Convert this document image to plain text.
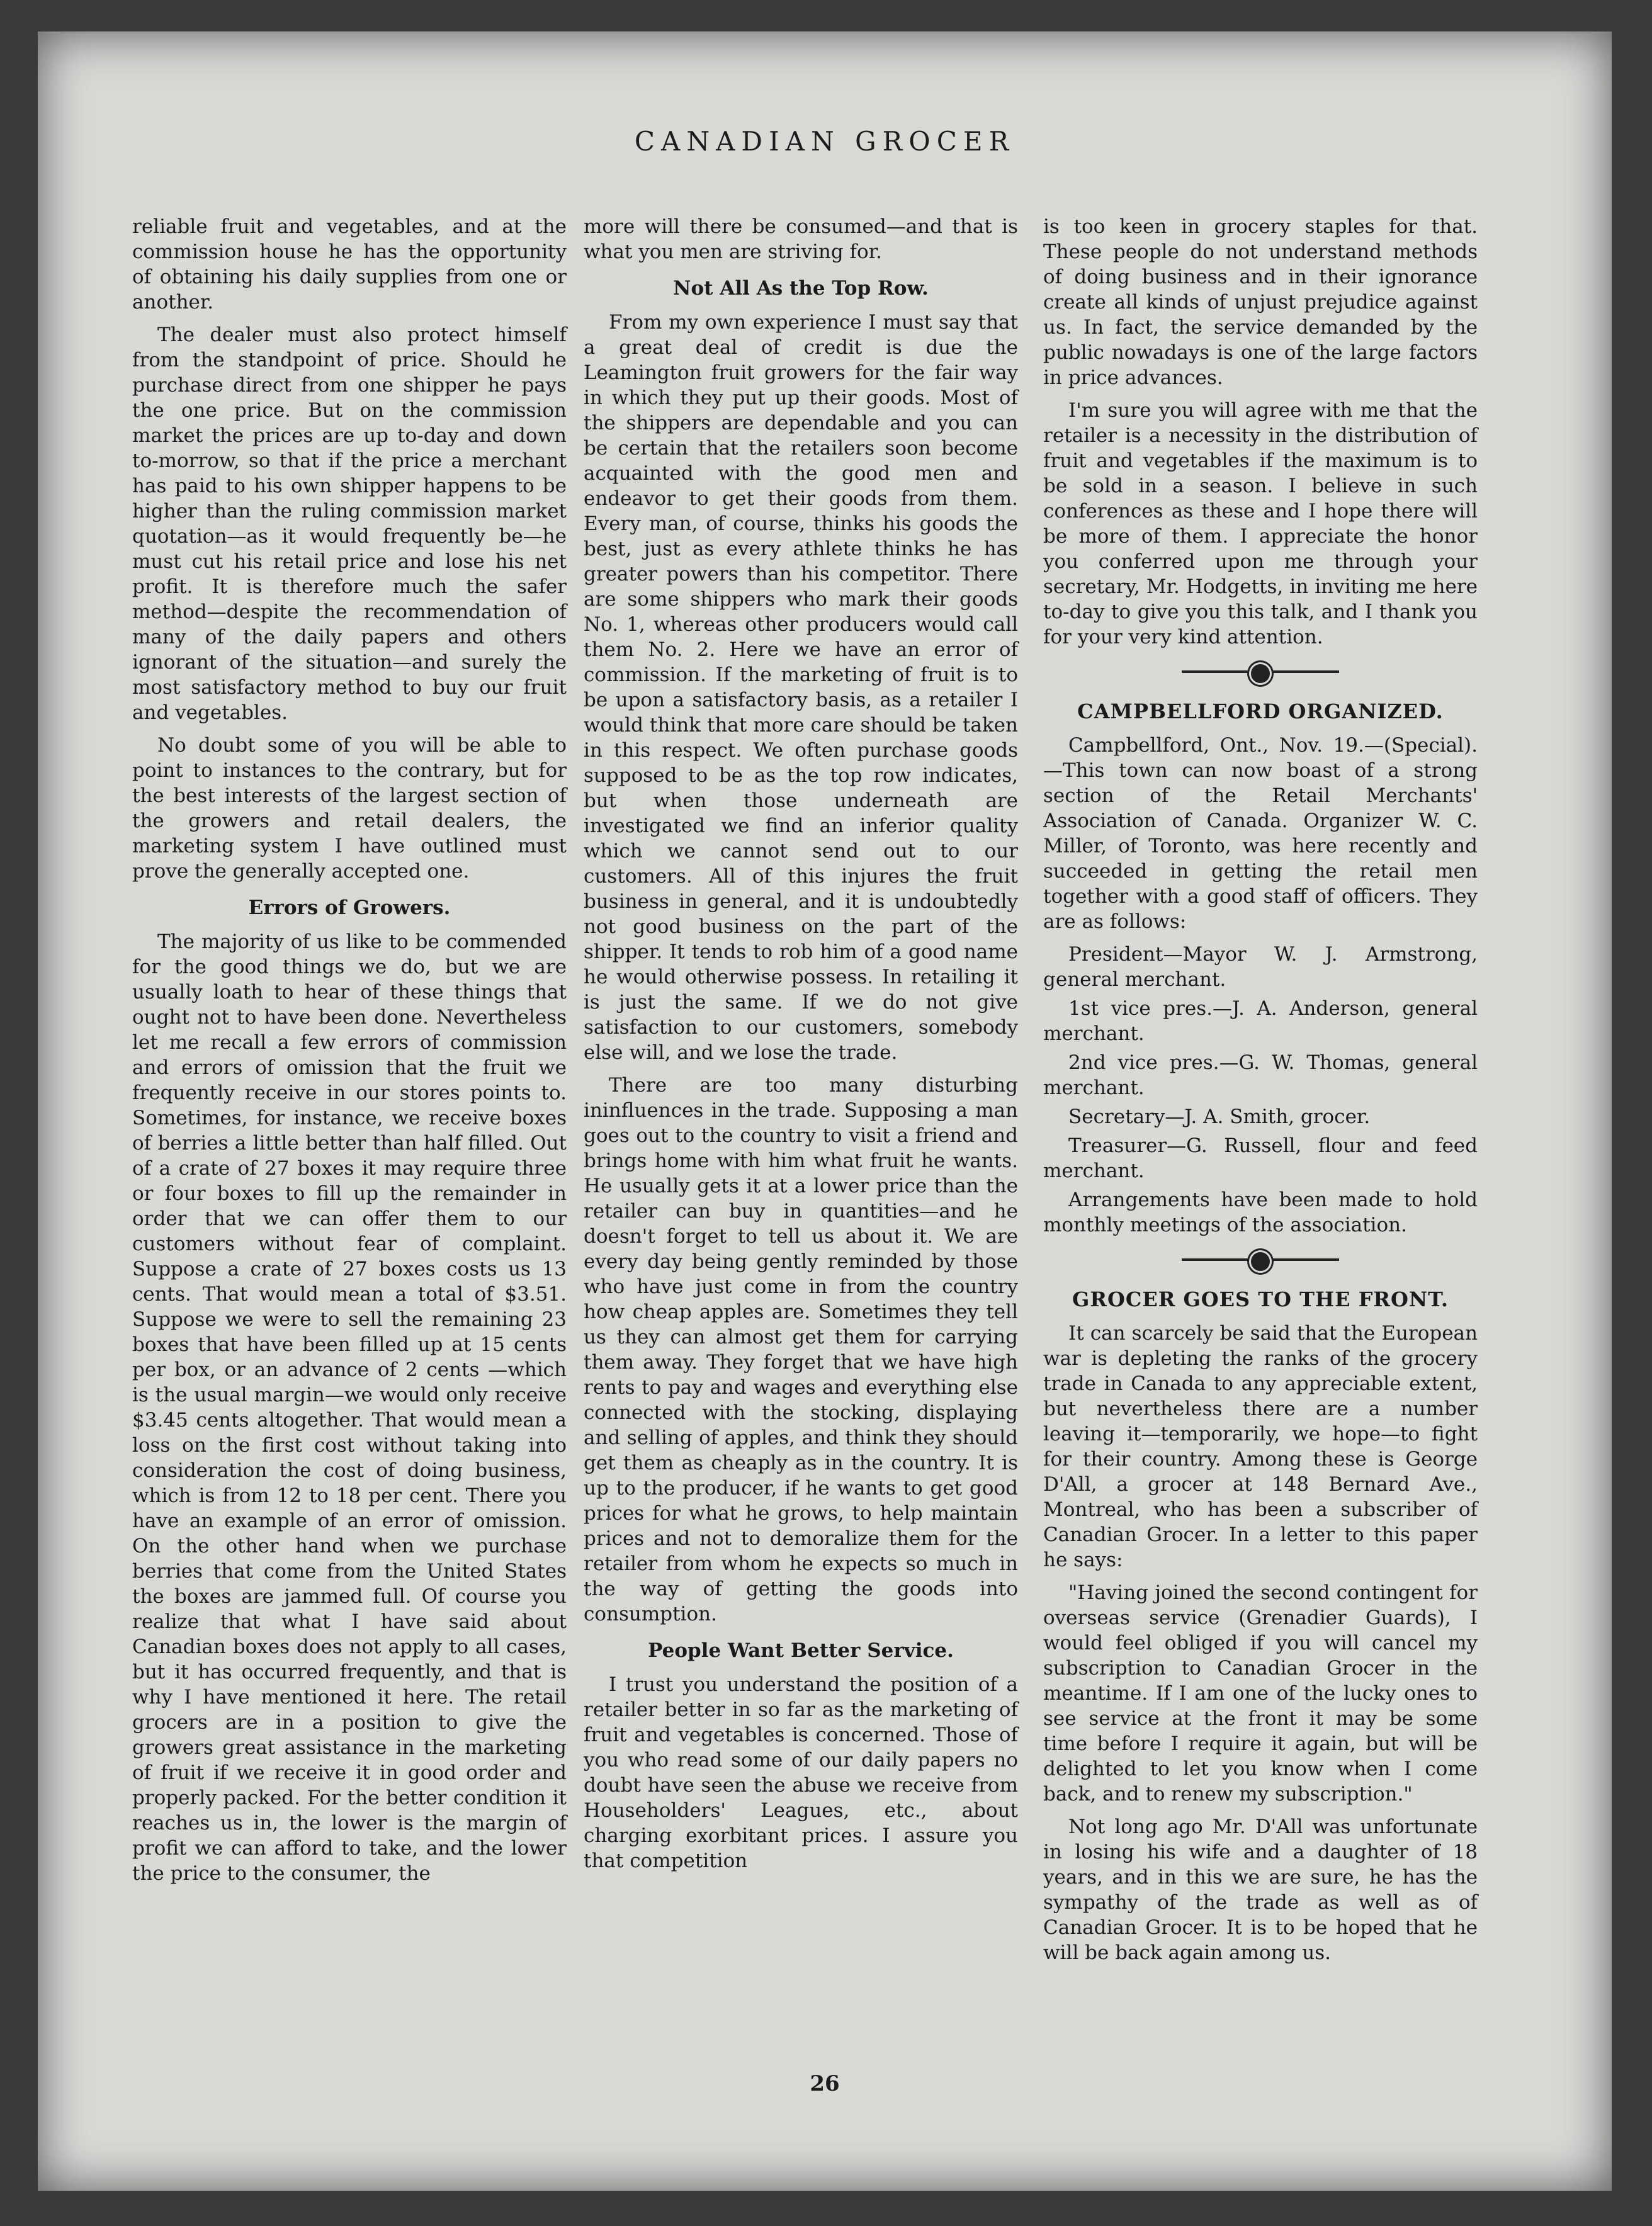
CANADIAN GROCER

reliable fruit and vegetables, and at the commission house he has the opportunity of obtaining his daily supplies from one or another.

The dealer must also protect himself from the standpoint of price. Should he purchase direct from one shipper he pays the one price. But on the commission market the prices are up to-day and down to-morrow, so that if the price a merchant has paid to his own shipper happens to be higher than the ruling commission market quotation—as it would frequently be—he must cut his retail price and lose his net profit. It is therefore much the safer method—despite the recommendation of many of the daily papers and others ignorant of the situation—and surely the most satisfactory method to buy our fruit and vegetables.

No doubt some of you will be able to point to instances to the contrary, but for the best interests of the largest section of the growers and retail dealers, the marketing system I have outlined must prove the generally accepted one.

Errors of Growers.

The majority of us like to be commended for the good things we do, but we are usually loath to hear of these things that ought not to have been done. Nevertheless let me recall a few errors of commission and errors of omission that the fruit we frequently receive in our stores points to. Sometimes, for instance, we receive boxes of berries a little better than half filled. Out of a crate of 27 boxes it may require three or four boxes to fill up the remainder in order that we can offer them to our customers without fear of complaint. Suppose a crate of 27 boxes costs us 13 cents. That would mean a total of $3.51. Suppose we were to sell the remaining 23 boxes that have been filled up at 15 cents per box, or an advance of 2 cents —which is the usual margin—we would only receive $3.45 cents altogether. That would mean a loss on the first cost without taking into consideration the cost of doing business, which is from 12 to 18 per cent. There you have an example of an error of omission. On the other hand when we purchase berries that come from the United States the boxes are jammed full. Of course you realize that what I have said about Canadian boxes does not apply to all cases, but it has occurred frequently, and that is why I have mentioned it here. The retail grocers are in a position to give the growers great assistance in the marketing of fruit if we receive it in good order and properly packed. For the better condition it reaches us in, the lower is the margin of profit we can afford to take, and the lower the price to the consumer, the

more will there be consumed—and that is what you men are striving for.

Not All As the Top Row.

From my own experience I must say that a great deal of credit is due the Leamington fruit growers for the fair way in which they put up their goods. Most of the shippers are dependable and you can be certain that the retailers soon become acquainted with the good men and endeavor to get their goods from them. Every man, of course, thinks his goods the best, just as every athlete thinks he has greater powers than his competitor. There are some shippers who mark their goods No. 1, whereas other producers would call them No. 2. Here we have an error of commission. If the marketing of fruit is to be upon a satisfactory basis, as a retailer I would think that more care should be taken in this respect. We often purchase goods supposed to be as the top row indicates, but when those underneath are investigated we find an inferior quality which we cannot send out to our customers. All of this injures the fruit business in general, and it is undoubtedly not good business on the part of the shipper. It tends to rob him of a good name he would otherwise possess. In retailing it is just the same. If we do not give satisfaction to our customers, somebody else will, and we lose the trade.

There are too many disturbing ininfluences in the trade. Supposing a man goes out to the country to visit a friend and brings home with him what fruit he wants. He usually gets it at a lower price than the retailer can buy in quantities—and he doesn't forget to tell us about it. We are every day being gently reminded by those who have just come in from the country how cheap apples are. Sometimes they tell us they can almost get them for carrying them away. They forget that we have high rents to pay and wages and everything else connected with the stocking, displaying and selling of apples, and think they should get them as cheaply as in the country. It is up to the producer, if he wants to get good prices for what he grows, to help maintain prices and not to demoralize them for the retailer from whom he expects so much in the way of getting the goods into consumption.

People Want Better Service.

I trust you understand the position of a retailer better in so far as the marketing of fruit and vegetables is concerned. Those of you who read some of our daily papers no doubt have seen the abuse we receive from Householders' Leagues, etc., about charging exorbitant prices. I assure you that competition

is too keen in grocery staples for that. These people do not understand methods of doing business and in their ignorance create all kinds of unjust prejudice against us. In fact, the service demanded by the public nowadays is one of the large factors in price advances.

I'm sure you will agree with me that the retailer is a necessity in the distribution of fruit and vegetables if the maximum is to be sold in a season. I believe in such conferences as these and I hope there will be more of them. I appreciate the honor you conferred upon me through your secretary, Mr. Hodgetts, in inviting me here to-day to give you this talk, and I thank you for your very kind attention.

CAMPBELLFORD ORGANIZED.

Campbellford, Ont., Nov. 19.—(Special).—This town can now boast of a strong section of the Retail Merchants' Association of Canada. Organizer W. C. Miller, of Toronto, was here recently and succeeded in getting the retail men together with a good staff of officers. They are as follows:

President—Mayor W. J. Armstrong, general merchant.

1st vice pres.—J. A. Anderson, general merchant.

2nd vice pres.—G. W. Thomas, general merchant.

Secretary—J. A. Smith, grocer.

Treasurer—G. Russell, flour and feed merchant.

Arrangements have been made to hold monthly meetings of the association.

GROCER GOES TO THE FRONT.

It can scarcely be said that the European war is depleting the ranks of the grocery trade in Canada to any appreciable extent, but nevertheless there are a number leaving it—temporarily, we hope—to fight for their country. Among these is George D'All, a grocer at 148 Bernard Ave., Montreal, who has been a subscriber of Canadian Grocer. In a letter to this paper he says:

"Having joined the second contingent for overseas service (Grenadier Guards), I would feel obliged if you will cancel my subscription to Canadian Grocer in the meantime. If I am one of the lucky ones to see service at the front it may be some time before I require it again, but will be delighted to let you know when I come back, and to renew my subscription."

Not long ago Mr. D'All was unfortunate in losing his wife and a daughter of 18 years, and in this we are sure, he has the sympathy of the trade as well as of Canadian Grocer. It is to be hoped that he will be back again among us.

26
